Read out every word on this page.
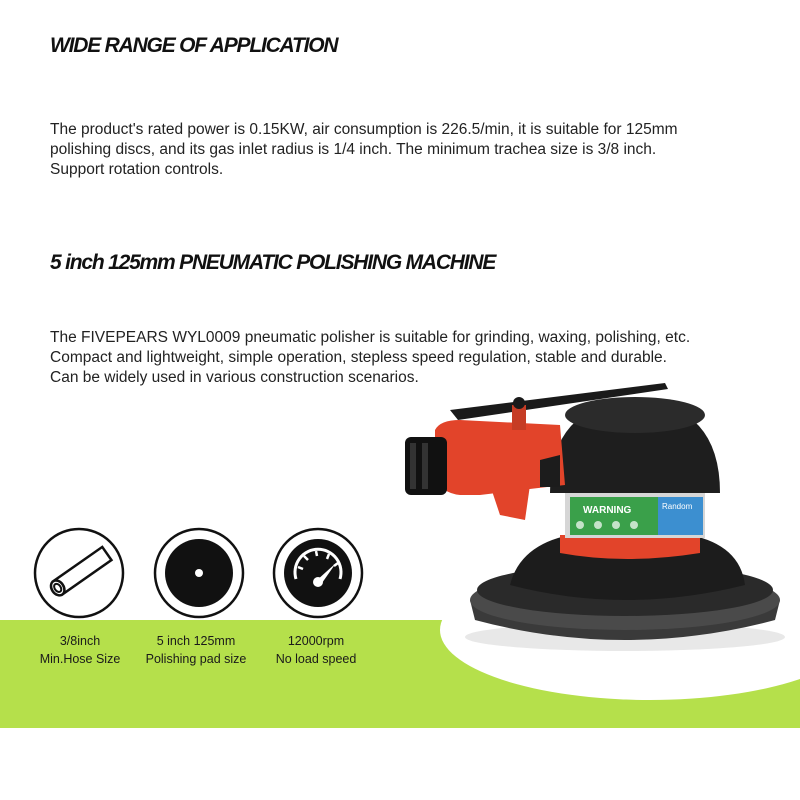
WIDE RANGE OF APPLICATION
The product's rated power is 0.15KW, air consumption is 226.5/min, it is suitable for 125mm
polishing discs, and its gas inlet radius is 1/4 inch. The minimum trachea size is 3/8 inch.
Support rotation controls.
5 inch 125mm PNEUMATIC POLISHING MACHINE
The FIVEPEARS WYL0009 pneumatic polisher is suitable for grinding, waxing, polishing, etc.
Compact and lightweight, simple operation, stepless speed regulation, stable and durable.
Can be widely used in various construction scenarios.
3/8inch
Min.Hose Size
5 inch 125mm
Polishing pad size
12000rpm
No load speed
WARNING	Random
